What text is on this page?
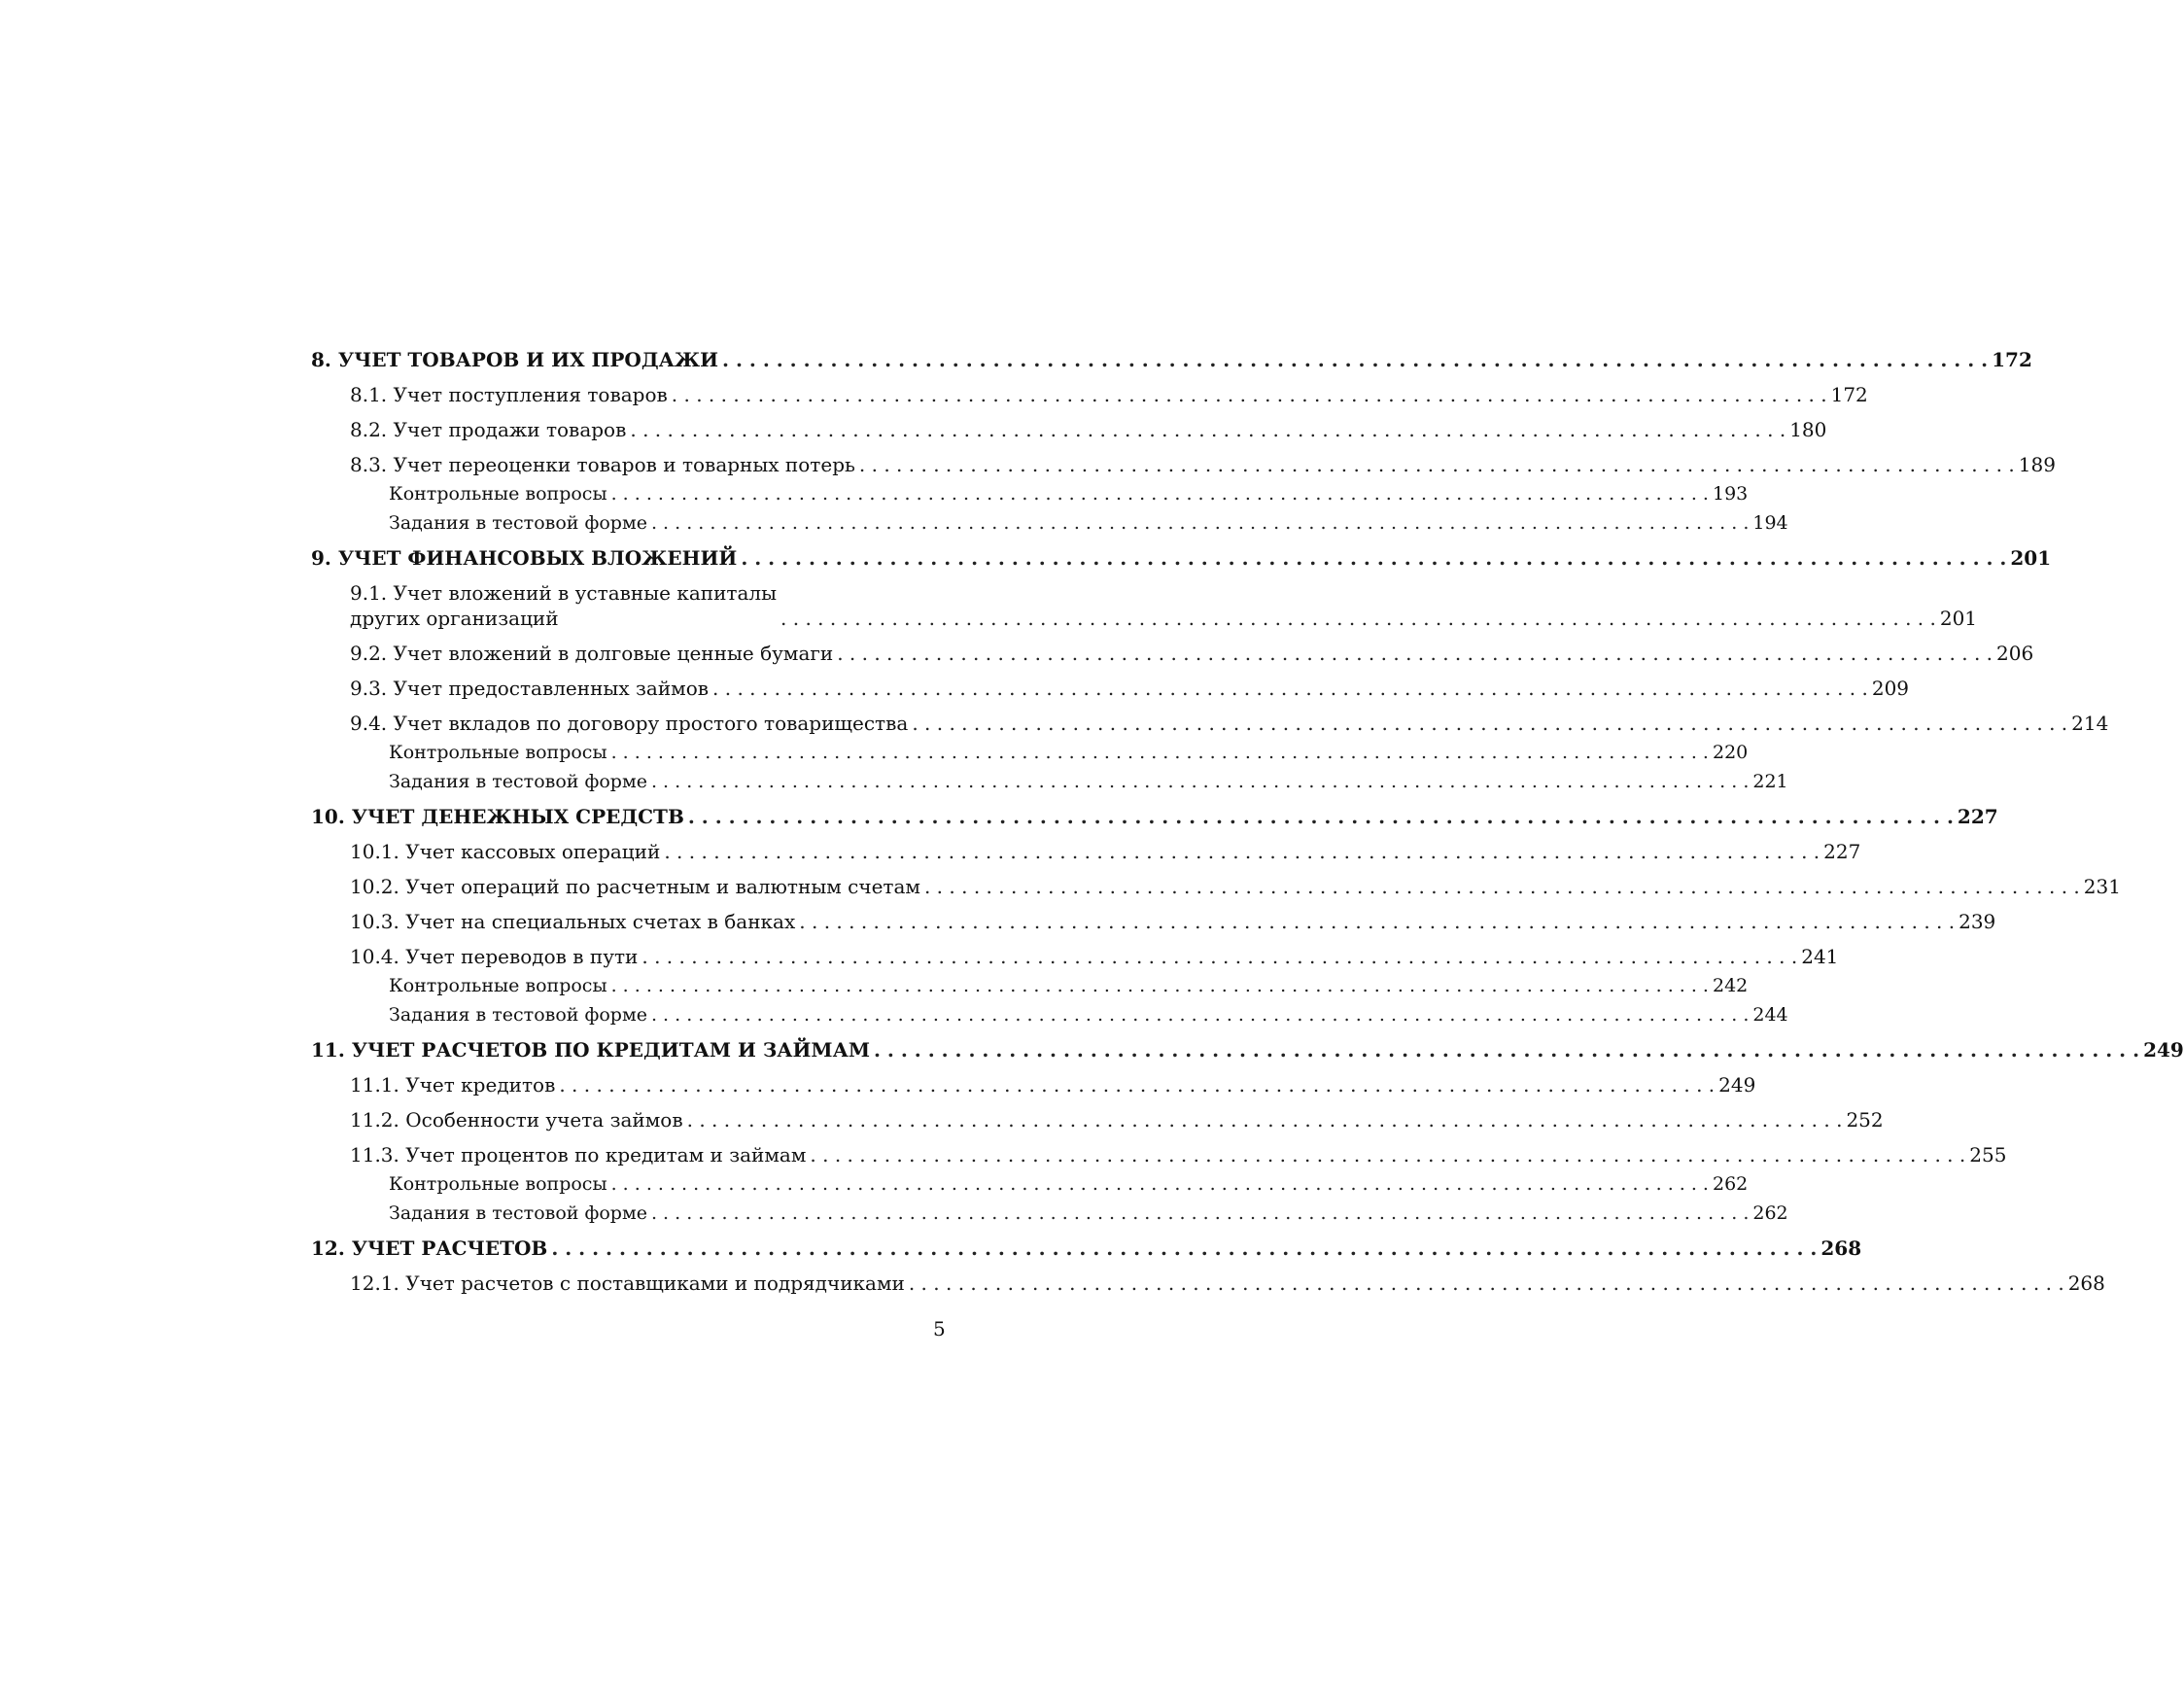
8. УЧЕТ ТОВАРОВ И ИХ ПРОДАЖИ . . .	172
8.1. Учет поступления товаров . . .	172
8.2. Учет продажи товаров . . .	180
8.3. Учет переоценки товаров и товарных потерь . . .	189
Контрольные вопросы . . .	193
Задания в тестовой форме . . .	194
9. УЧЕТ ФИНАНСОВЫХ ВЛОЖЕНИЙ . . .	201
9.1. Учет вложений в уставные капиталы
других организаций . . .	201
9.2. Учет вложений в долговые ценные бумаги . . .	206
9.3. Учет предоставленных займов . . .	209
9.4. Учет вкладов по договору простого товарищества . . .	214
Контрольные вопросы . . .	220
Задания в тестовой форме . . .	221
10. УЧЕТ ДЕНЕЖНЫХ СРЕДСТВ . . .	227
10.1. Учет кассовых операций . . .	227
10.2. Учет операций по расчетным и валютным счетам . . .	231
10.3. Учет на специальных счетах в банках . . .	239
10.4. Учет переводов в пути . . .	241
Контрольные вопросы . . .	242
Задания в тестовой форме . . .	244
11. УЧЕТ РАСЧЕТОВ ПО КРЕДИТАМ И ЗАЙМАМ . . .	249
11.1. Учет кредитов . . .	249
11.2. Особенности учета займов . . .	252
11.3. Учет процентов по кредитам и займам . . .	255
Контрольные вопросы . . .	262
Задания в тестовой форме . . .	262
12. УЧЕТ РАСЧЕТОВ . . .	268
12.1. Учет расчетов с поставщиками и подрядчиками . . .	268
5
